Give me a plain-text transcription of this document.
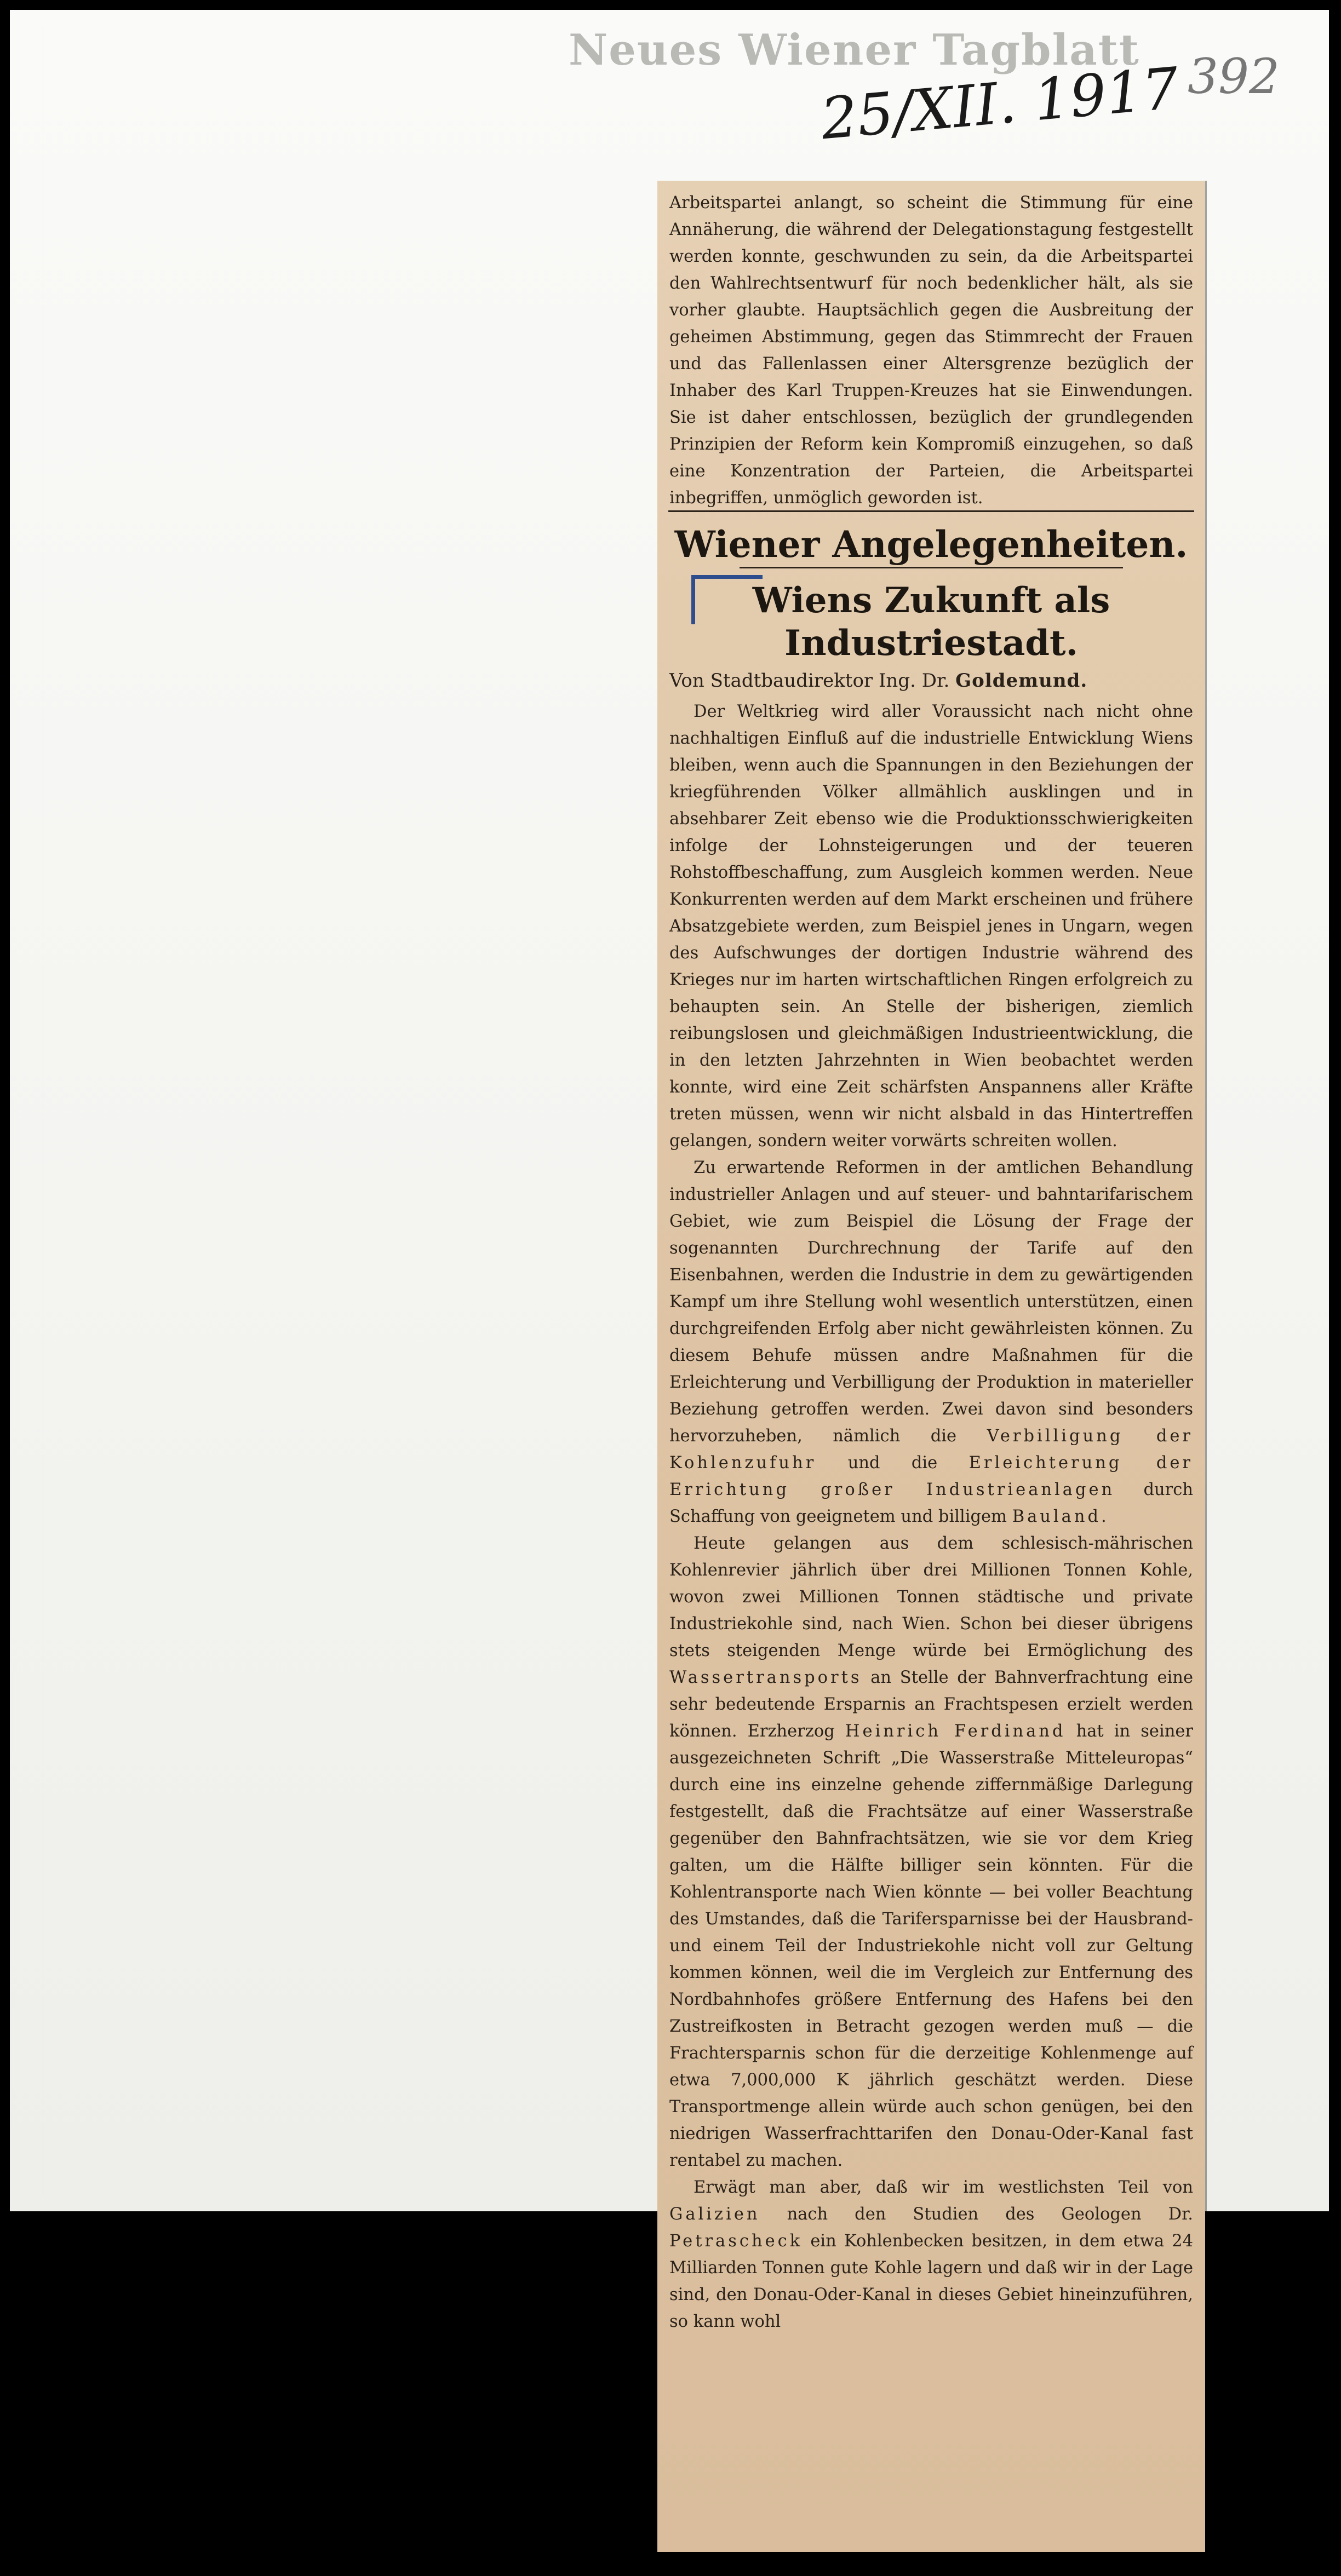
Neues Wiener Tagblatt
25/XII. 1917 392
Arbeitspartei anlangt, so scheint die Stimmung für eine Annäherung, die während der Delegationstagung festgestellt werden konnte, geschwunden zu sein, da die Arbeitspartei den Wahlrechtsentwurf für noch bedenklicher hält, als sie vorher glaubte. Hauptsächlich gegen die Ausbreitung der geheimen Abstimmung, gegen das Stimmrecht der Frauen und das Fallenlassen einer Altersgrenze bezüglich der Inhaber des Karl Truppen-Kreuzes hat sie Einwendungen. Sie ist daher entschlossen, bezüglich der grundlegenden Prinzipien der Reform kein Kompromiß einzugehen, so daß eine Konzentration der Parteien, die Arbeitspartei inbegriffen, unmöglich geworden ist.
Wiener Angelegenheiten.
Wiens Zukunft als
Industriestadt.
Von Stadtbaudirektor Ing. Dr. Goldemund.

Der Weltkrieg wird aller Voraussicht nach nicht ohne nachhaltigen Einfluß auf die industrielle Entwicklung Wiens bleiben, wenn auch die Spannungen in den Beziehungen der kriegführenden Völker allmählich ausklingen und in absehbarer Zeit ebenso wie die Produktionsschwierigkeiten infolge der Lohnsteigerungen und der teueren Rohstoffbeschaffung, zum Ausgleich kommen werden. Neue Konkurrenten werden auf dem Markt erscheinen und frühere Absatzgebiete werden, zum Beispiel jenes in Ungarn, wegen des Aufschwunges der dortigen Industrie während des Krieges nur im harten wirtschaftlichen Ringen erfolgreich zu behaupten sein. An Stelle der bisherigen, ziemlich reibungslosen und gleichmäßigen Industrieentwicklung, die in den letzten Jahrzehnten in Wien beobachtet werden konnte, wird eine Zeit schärfsten Anspannens aller Kräfte treten müssen, wenn wir nicht alsbald in das Hintertreffen gelangen, sondern weiter vorwärts schreiten wollen.

Zu erwartende Reformen in der amtlichen Behandlung industrieller Anlagen und auf steuer- und bahntarifarischem Gebiet, wie zum Beispiel die Lösung der Frage der sogenannten Durchrechnung der Tarife auf den Eisenbahnen, werden die Industrie in dem zu gewärtigenden Kampf um ihre Stellung wohl wesentlich unterstützen, einen durchgreifenden Erfolg aber nicht gewährleisten können. Zu diesem Behufe müssen andre Maßnahmen für die Erleichterung und Verbilligung der Produktion in materieller Beziehung getroffen werden. Zwei davon sind besonders hervorzuheben, nämlich die Verbilligung der Kohlenzufuhr und die Erleichterung der Errichtung großer Industrieanlagen durch Schaffung von geeignetem und billigem Bauland.

Heute gelangen aus dem schlesisch-mährischen Kohlenrevier jährlich über drei Millionen Tonnen Kohle, wovon zwei Millionen Tonnen städtische und private Industriekohle sind, nach Wien. Schon bei dieser übrigens stets steigenden Menge würde bei Ermöglichung des Wassertransports an Stelle der Bahnverfrachtung eine sehr bedeutende Ersparnis an Frachtspesen erzielt werden können. Erzherzog Heinrich Ferdinand hat in seiner ausgezeichneten Schrift „Die Wasserstraße Mitteleuropas“ durch eine ins einzelne gehende ziffernmäßige Darlegung festgestellt, daß die Frachtsätze auf einer Wasserstraße gegenüber den Bahnfrachtsätzen, wie sie vor dem Krieg galten, um die Hälfte billiger sein könnten. Für die Kohlentransporte nach Wien könnte — bei voller Beachtung des Umstandes, daß die Tarifersparnisse bei der Hausbrand- und einem Teil der Industriekohle nicht voll zur Geltung kommen können, weil die im Vergleich zur Entfernung des Nordbahnhofes größere Entfernung des Hafens bei den Zustreifkosten in Betracht gezogen werden muß — die Frachtersparnis schon für die derzeitige Kohlenmenge auf etwa 7,000,000 K jährlich geschätzt werden. Diese Transportmenge allein würde auch schon genügen, bei den niedrigen Wasserfrachttarifen den Donau-Oder-Kanal fast rentabel zu machen.

Erwägt man aber, daß wir im westlichsten Teil von Galizien nach den Studien des Geologen Dr. Petrascheck ein Kohlenbecken besitzen, in dem etwa 24 Milliarden Tonnen gute Kohle lagern und daß wir in der Lage sind, den Donau-Oder-Kanal in dieses Gebiet hineinzuführen, so kann wohl
